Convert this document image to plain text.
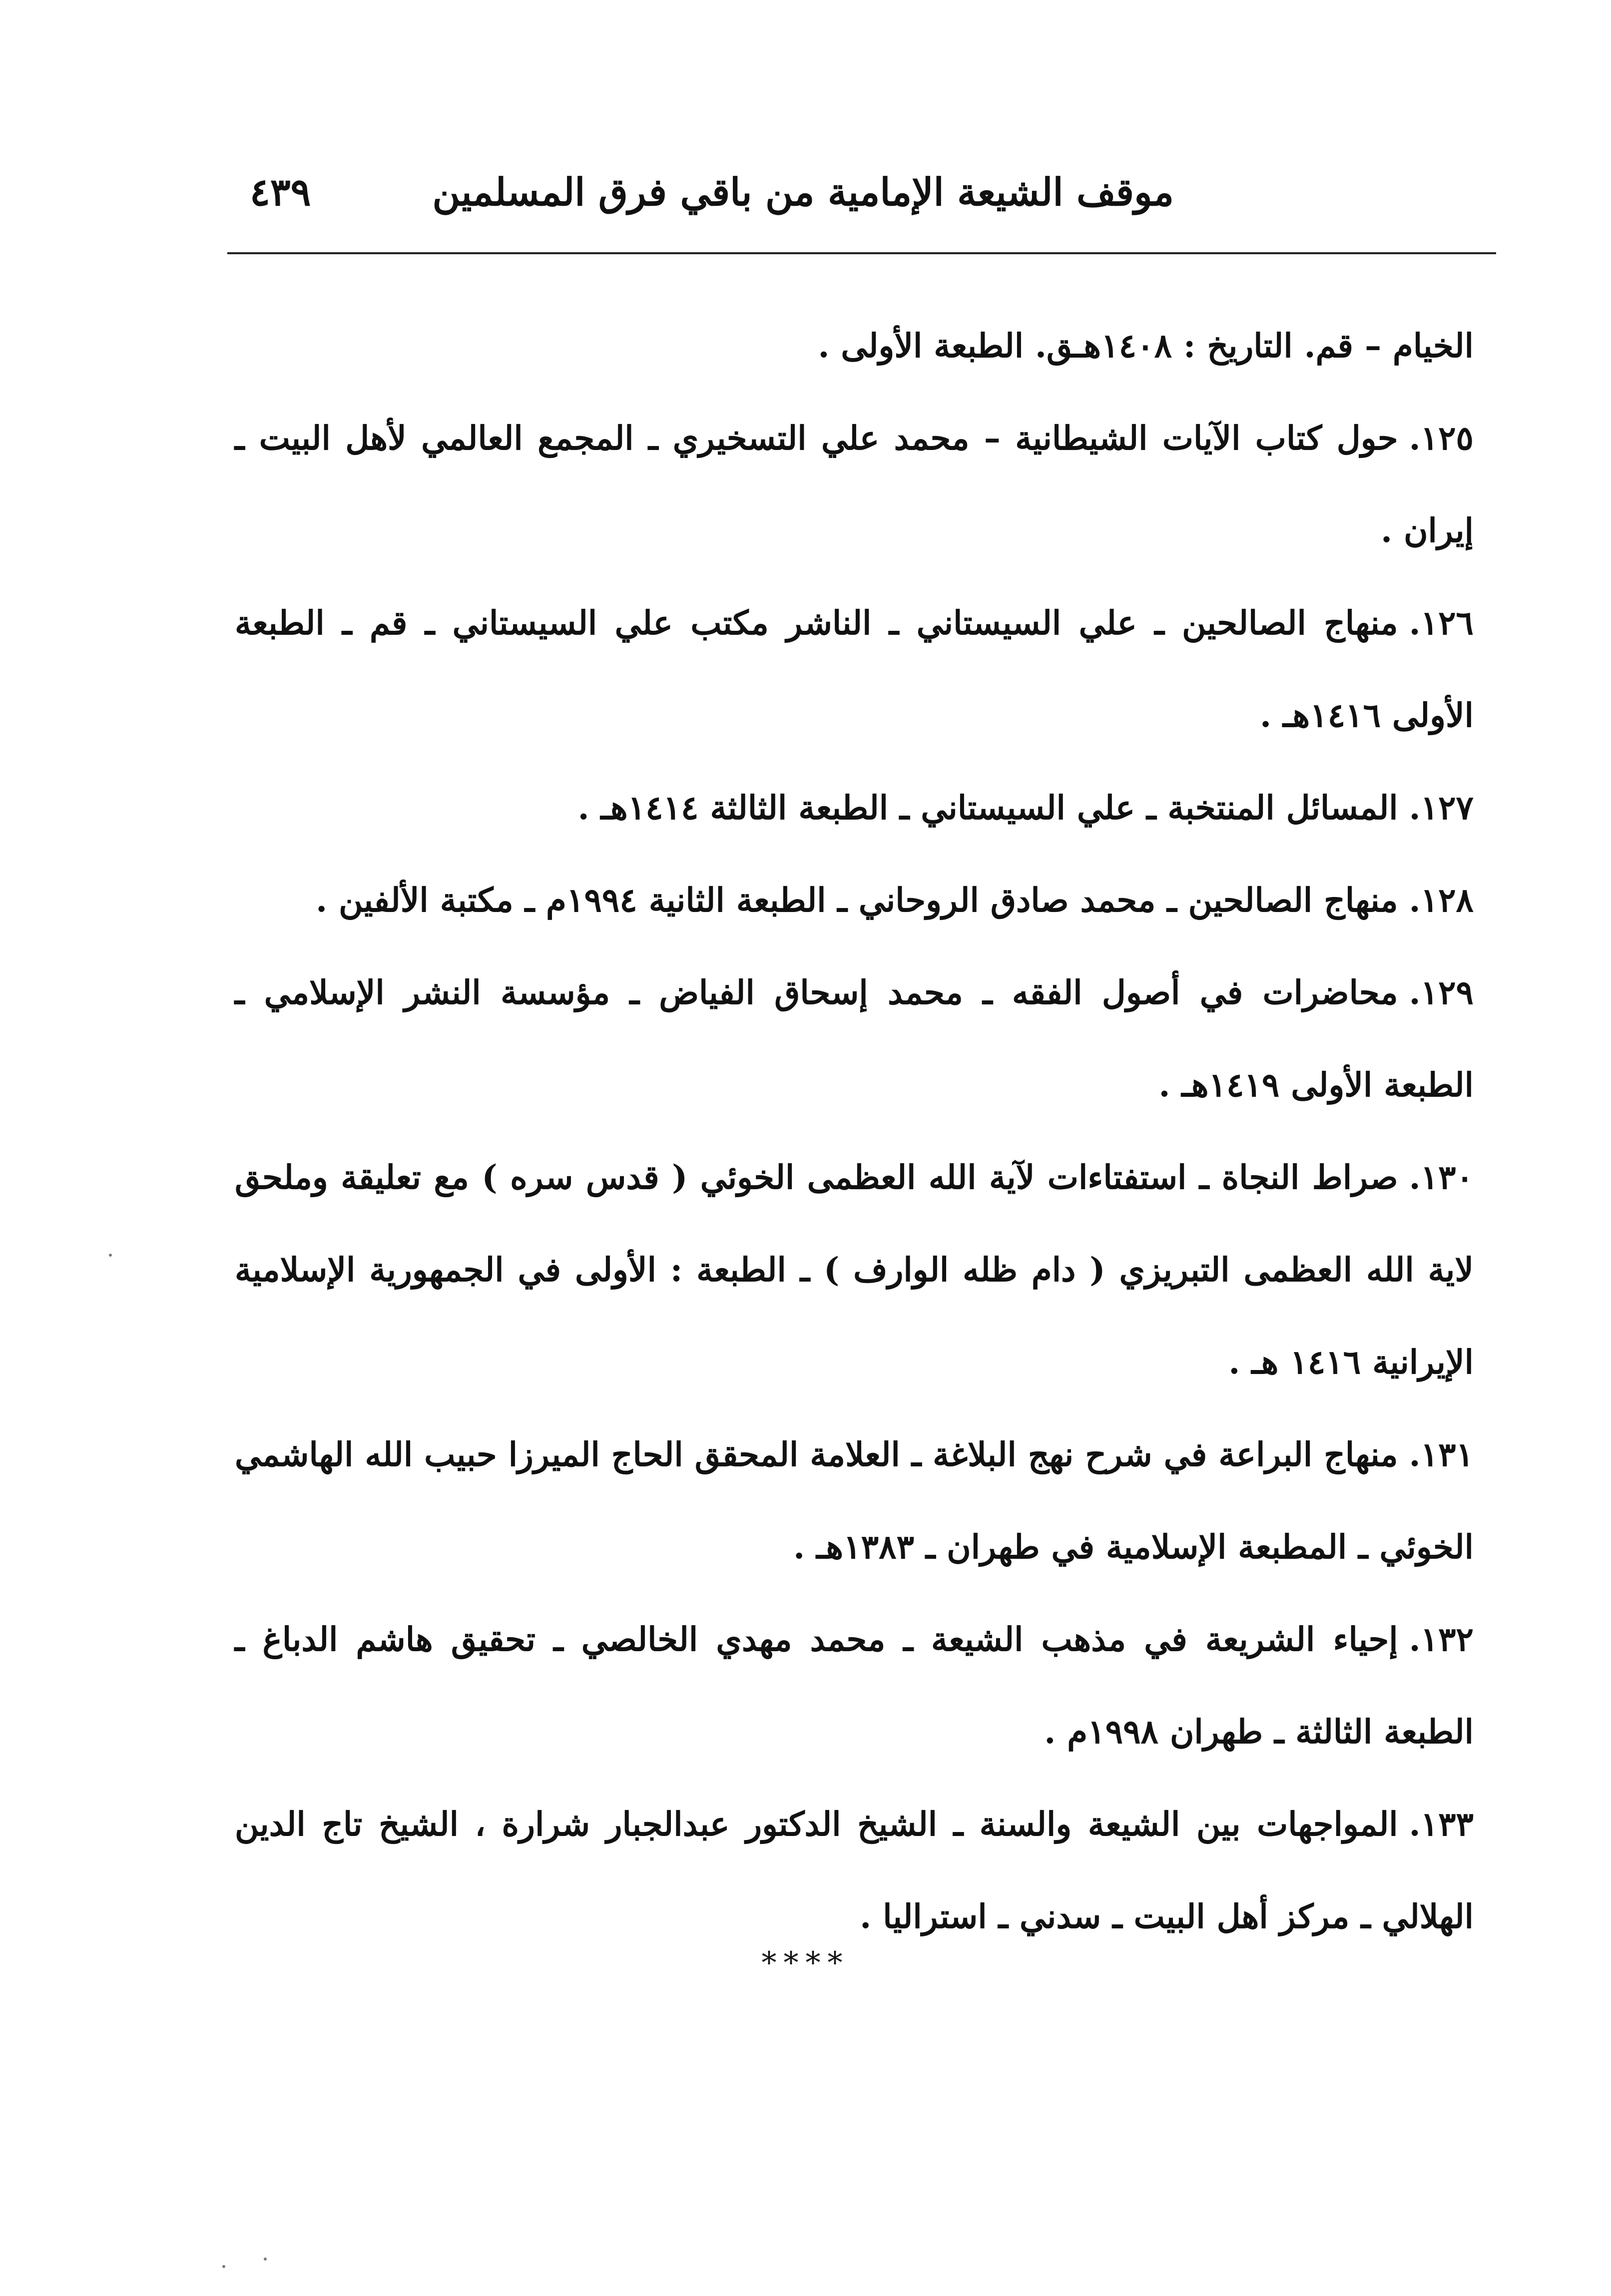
موقف الشيعة الإمامية من باقي فرق المسلمين
٤٣٩

الخيام – قم. التاريخ : ١٤٠٨هـق. الطبعة الأولى .

١٢٥.حول كتاب الآيات الشيطانية – محمد علي التسخيري ـ المجمع العالمي لأهل البيت ـ إيران .

١٢٦.منهاج الصالحين ـ علي السيستاني ـ الناشر مكتب علي السيستاني ـ قم ـ الطبعة الأولى ١٤١٦هـ .

١٢٧.المسائل المنتخبة ـ علي السيستاني ـ الطبعة الثالثة ١٤١٤هـ .

١٢٨.منهاج الصالحين ـ محمد صادق الروحاني ـ الطبعة الثانية ١٩٩٤م ـ مكتبة الألفين .

١٢٩.محاضرات في أصول الفقه ـ محمد إسحاق الفياض ـ مؤسسة النشر الإسلامي ـ الطبعة الأولى ١٤١٩هـ .

١٣٠.صراط النجاة ـ استفتاءات لآية الله العظمى الخوئي ( قدس سره ) مع تعليقة وملحق لاية الله العظمى التبريزي ( دام ظله الوارف ) ـ الطبعة : الأولى في الجمهورية الإسلامية الإيرانية ١٤١٦ هـ .

١٣١.منهاج البراعة في شرح نهج البلاغة ـ العلامة المحقق الحاج الميرزا حبيب الله الهاشمي الخوئي ـ المطبعة الإسلامية في طهران ـ ١٣٨٣هـ .

١٣٢.إحياء الشريعة في مذهب الشيعة ـ محمد مهدي الخالصي ـ تحقيق هاشم الدباغ ـ الطبعة الثالثة ـ طهران ١٩٩٨م .

١٣٣.المواجهات بين الشيعة والسنة ـ الشيخ الدكتور عبدالجبار شرارة ، الشيخ تاج الدين الهلالي ـ مركز أهل البيت ـ سدني ـ استراليا .

****
